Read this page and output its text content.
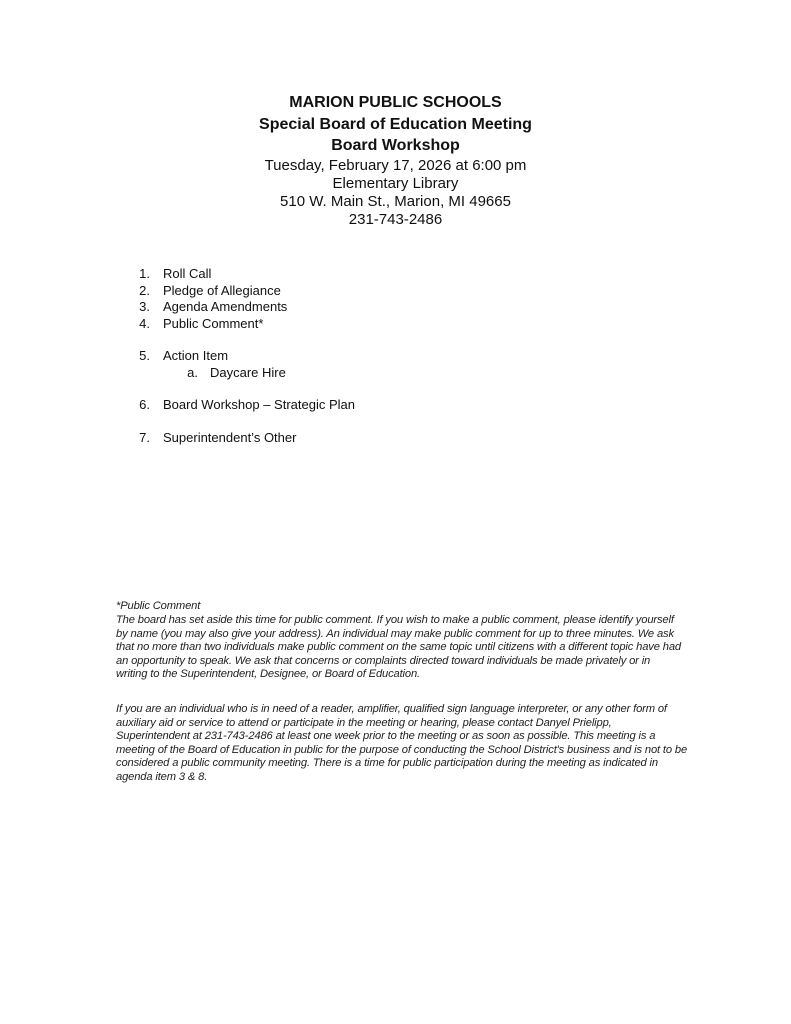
MARION PUBLIC SCHOOLS
Special Board of Education Meeting
Board Workshop
Tuesday, February 17, 2026 at 6:00 pm
Elementary Library
510 W. Main St., Marion, MI 49665
231-743-2486
1. Roll Call
2. Pledge of Allegiance
3. Agenda Amendments
4. Public Comment*
5. Action Item
a. Daycare Hire
6. Board Workshop – Strategic Plan
7. Superintendent’s Other
*Public Comment
The board has set aside this time for public comment. If you wish to make a public comment, please identify yourself
by name (you may also give your address). An individual may make public comment for up to three minutes. We ask
that no more than two individuals make public comment on the same topic until citizens with a different topic have had
an opportunity to speak. We ask that concerns or complaints directed toward individuals be made privately or in
writing to the Superintendent, Designee, or Board of Education.
If you are an individual who is in need of a reader, amplifier, qualified sign language interpreter, or any other form of
auxiliary aid or service to attend or participate in the meeting or hearing, please contact Danyel Prielipp,
Superintendent at 231-743-2486 at least one week prior to the meeting or as soon as possible. This meeting is a
meeting of the Board of Education in public for the purpose of conducting the School District's business and is not to be
considered a public community meeting. There is a time for public participation during the meeting as indicated in
agenda item 3 & 8.
